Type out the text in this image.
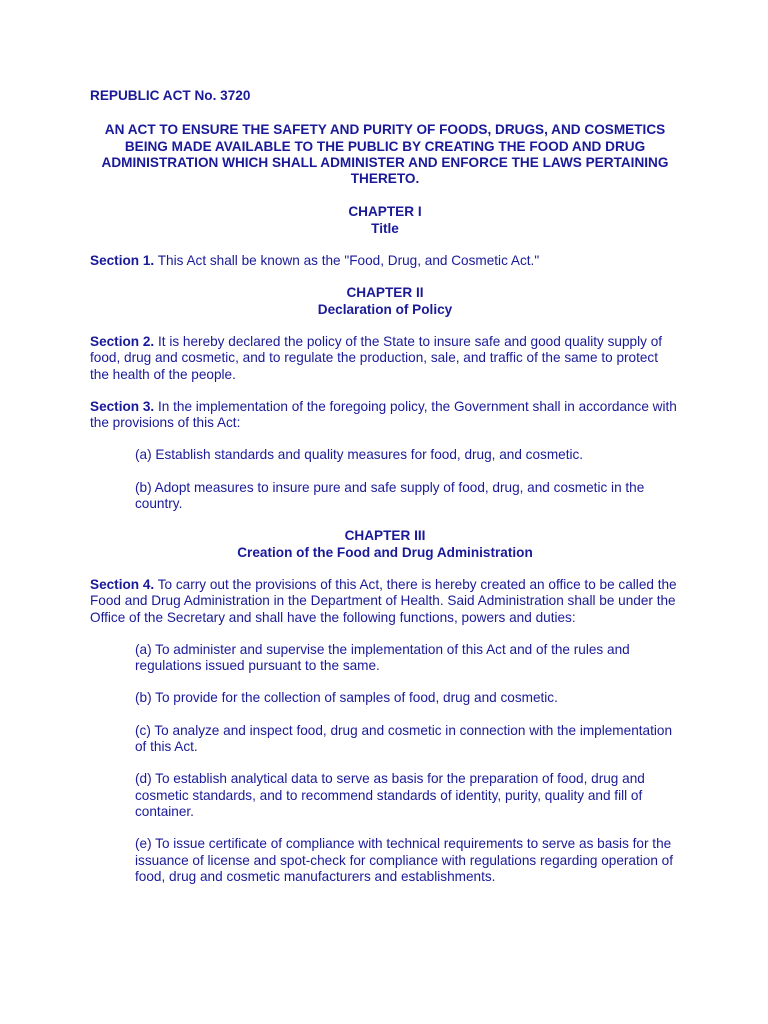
REPUBLIC ACT No. 3720
AN ACT TO ENSURE THE SAFETY AND PURITY OF FOODS, DRUGS, AND COSMETICS BEING MADE AVAILABLE TO THE PUBLIC BY CREATING THE FOOD AND DRUG ADMINISTRATION WHICH SHALL ADMINISTER AND ENFORCE THE LAWS PERTAINING THERETO.
CHAPTER I
Title
Section 1. This Act shall be known as the "Food, Drug, and Cosmetic Act."
CHAPTER II
Declaration of Policy
Section 2. It is hereby declared the policy of the State to insure safe and good quality supply of food, drug and cosmetic, and to regulate the production, sale, and traffic of the same to protect the health of the people.
Section 3. In the implementation of the foregoing policy, the Government shall in accordance with the provisions of this Act:
(a) Establish standards and quality measures for food, drug, and cosmetic.
(b) Adopt measures to insure pure and safe supply of food, drug, and cosmetic in the country.
CHAPTER III
Creation of the Food and Drug Administration
Section 4. To carry out the provisions of this Act, there is hereby created an office to be called the Food and Drug Administration in the Department of Health. Said Administration shall be under the Office of the Secretary and shall have the following functions, powers and duties:
(a) To administer and supervise the implementation of this Act and of the rules and regulations issued pursuant to the same.
(b) To provide for the collection of samples of food, drug and cosmetic.
(c) To analyze and inspect food, drug and cosmetic in connection with the implementation of this Act.
(d) To establish analytical data to serve as basis for the preparation of food, drug and cosmetic standards, and to recommend standards of identity, purity, quality and fill of container.
(e) To issue certificate of compliance with technical requirements to serve as basis for the issuance of license and spot-check for compliance with regulations regarding operation of food, drug and cosmetic manufacturers and establishments.
